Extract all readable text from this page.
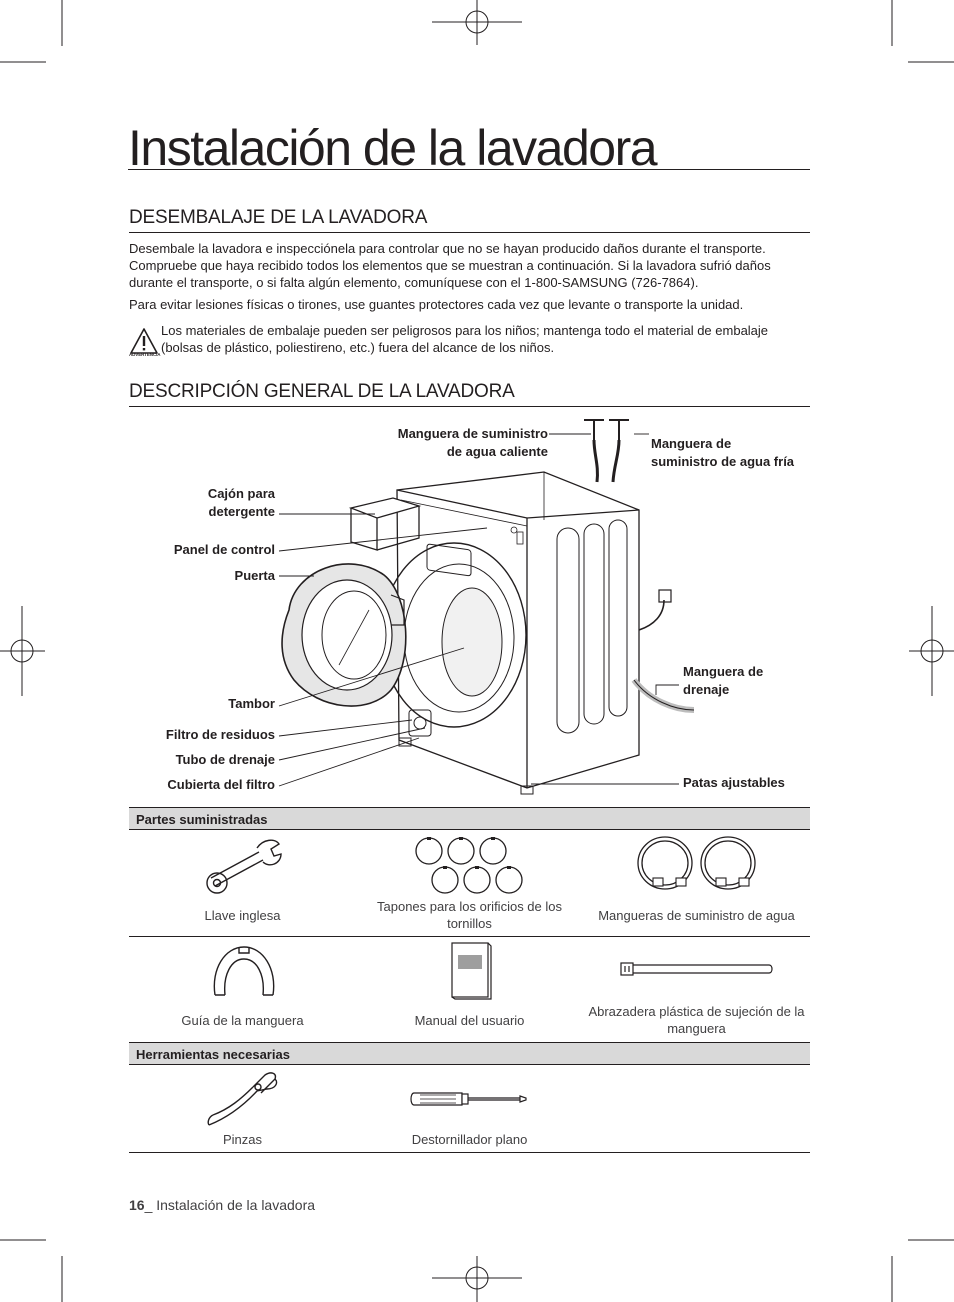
Instalación de la lavadora
DESEMBALAJE DE LA LAVADORA

Desembale la lavadora e inspecciónela para controlar que no se hayan producido daños durante el transporte. Compruebe que haya recibido todos los elementos que se muestran a continuación. Si la lavadora sufrió daños durante el transporte, o si falta algún elemento, comuníquese con el 1-800-SAMSUNG (726-7864).

Para evitar lesiones físicas o tirones, use guantes protectores cada vez que levante o transporte la unidad.

ADVERTENCIA

Los materiales de embalaje pueden ser peligrosos para los niños; mantenga todo el material de embalaje (bolsas de plástico, poliestireno, etc.) fuera del alcance de los niños.

DESCRIPCIÓN GENERAL DE LA LAVADORA
Manguera de suministro
de agua caliente
Manguera de
suministro de agua fría
Cajón para
detergente
Panel de control
Puerta
Tambor
Filtro de residuos
Tubo de drenaje
Cubierta del filtro
Manguera de
drenaje
Patas ajustables
Partes suministradas
Llave inglesa
Tapones para los orificios de los tornillos
Mangueras de suministro de agua
Guía de la manguera	Manual del usuario
Abrazadera plástica de sujeción de la manguera
Herramientas necesarias
Pinzas	Destornillador plano
16_ Instalación de la lavadora
